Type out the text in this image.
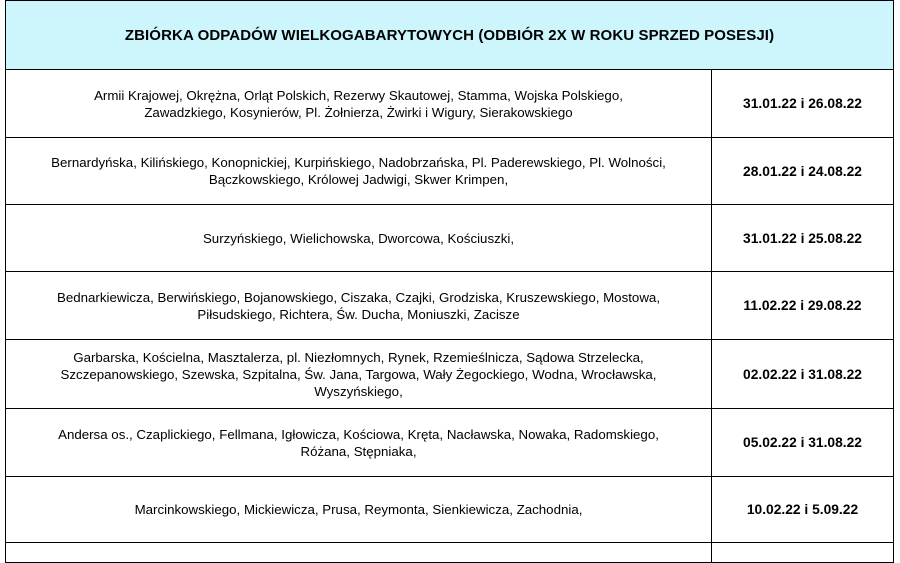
ZBIÓRKA ODPADÓW WIELKOGABARYTOWYCH (ODBIÓR 2X W ROKU SPRZED POSESJI)	
Armii Krajowej, Okrężna, Orląt Polskich, Rezerwy Skautowej, Stamma, Wojska Polskiego,
Zawadzkiego, Kosynierów, Pl. Żołnierza, Żwirki i Wigury, Sierakowskiego	31.01.22 i 26.08.22
Bernardyńska, Kilińskiego, Konopnickiej, Kurpińskiego, Nadobrzańska, Pl. Paderewskiego, Pl. Wolności,
Bączkowskiego, Królowej Jadwigi, Skwer Krimpen,	28.01.22 i 24.08.22
Surzyńskiego, Wielichowska, Dworcowa, Kościuszki,	31.01.22 i 25.08.22
Bednarkiewicza, Berwińskiego, Bojanowskiego, Ciszaka, Czajki, Grodziska, Kruszewskiego, Mostowa,
Piłsudskiego, Richtera, Św. Ducha, Moniuszki, Zacisze	11.02.22 i 29.08.22
Garbarska, Kościelna, Masztalerza, pl. Niezłomnych, Rynek, Rzemieślnicza, Sądowa Strzelecka,
Szczepanowskiego, Szewska, Szpitalna, Św. Jana, Targowa, Wały Żegockiego, Wodna, Wrocławska,
Wyszyńskiego,	02.02.22 i 31.08.22
Andersa os., Czaplickiego, Fellmana, Igłowicza, Kościowa, Kręta, Nacławska, Nowaka, Radomskiego,
Różana, Stępniaka,	05.02.22 i 31.08.22
Marcinkowskiego, Mickiewicza, Prusa, Reymonta, Sienkiewicza, Zachodnia,	10.02.22 i 5.09.22
